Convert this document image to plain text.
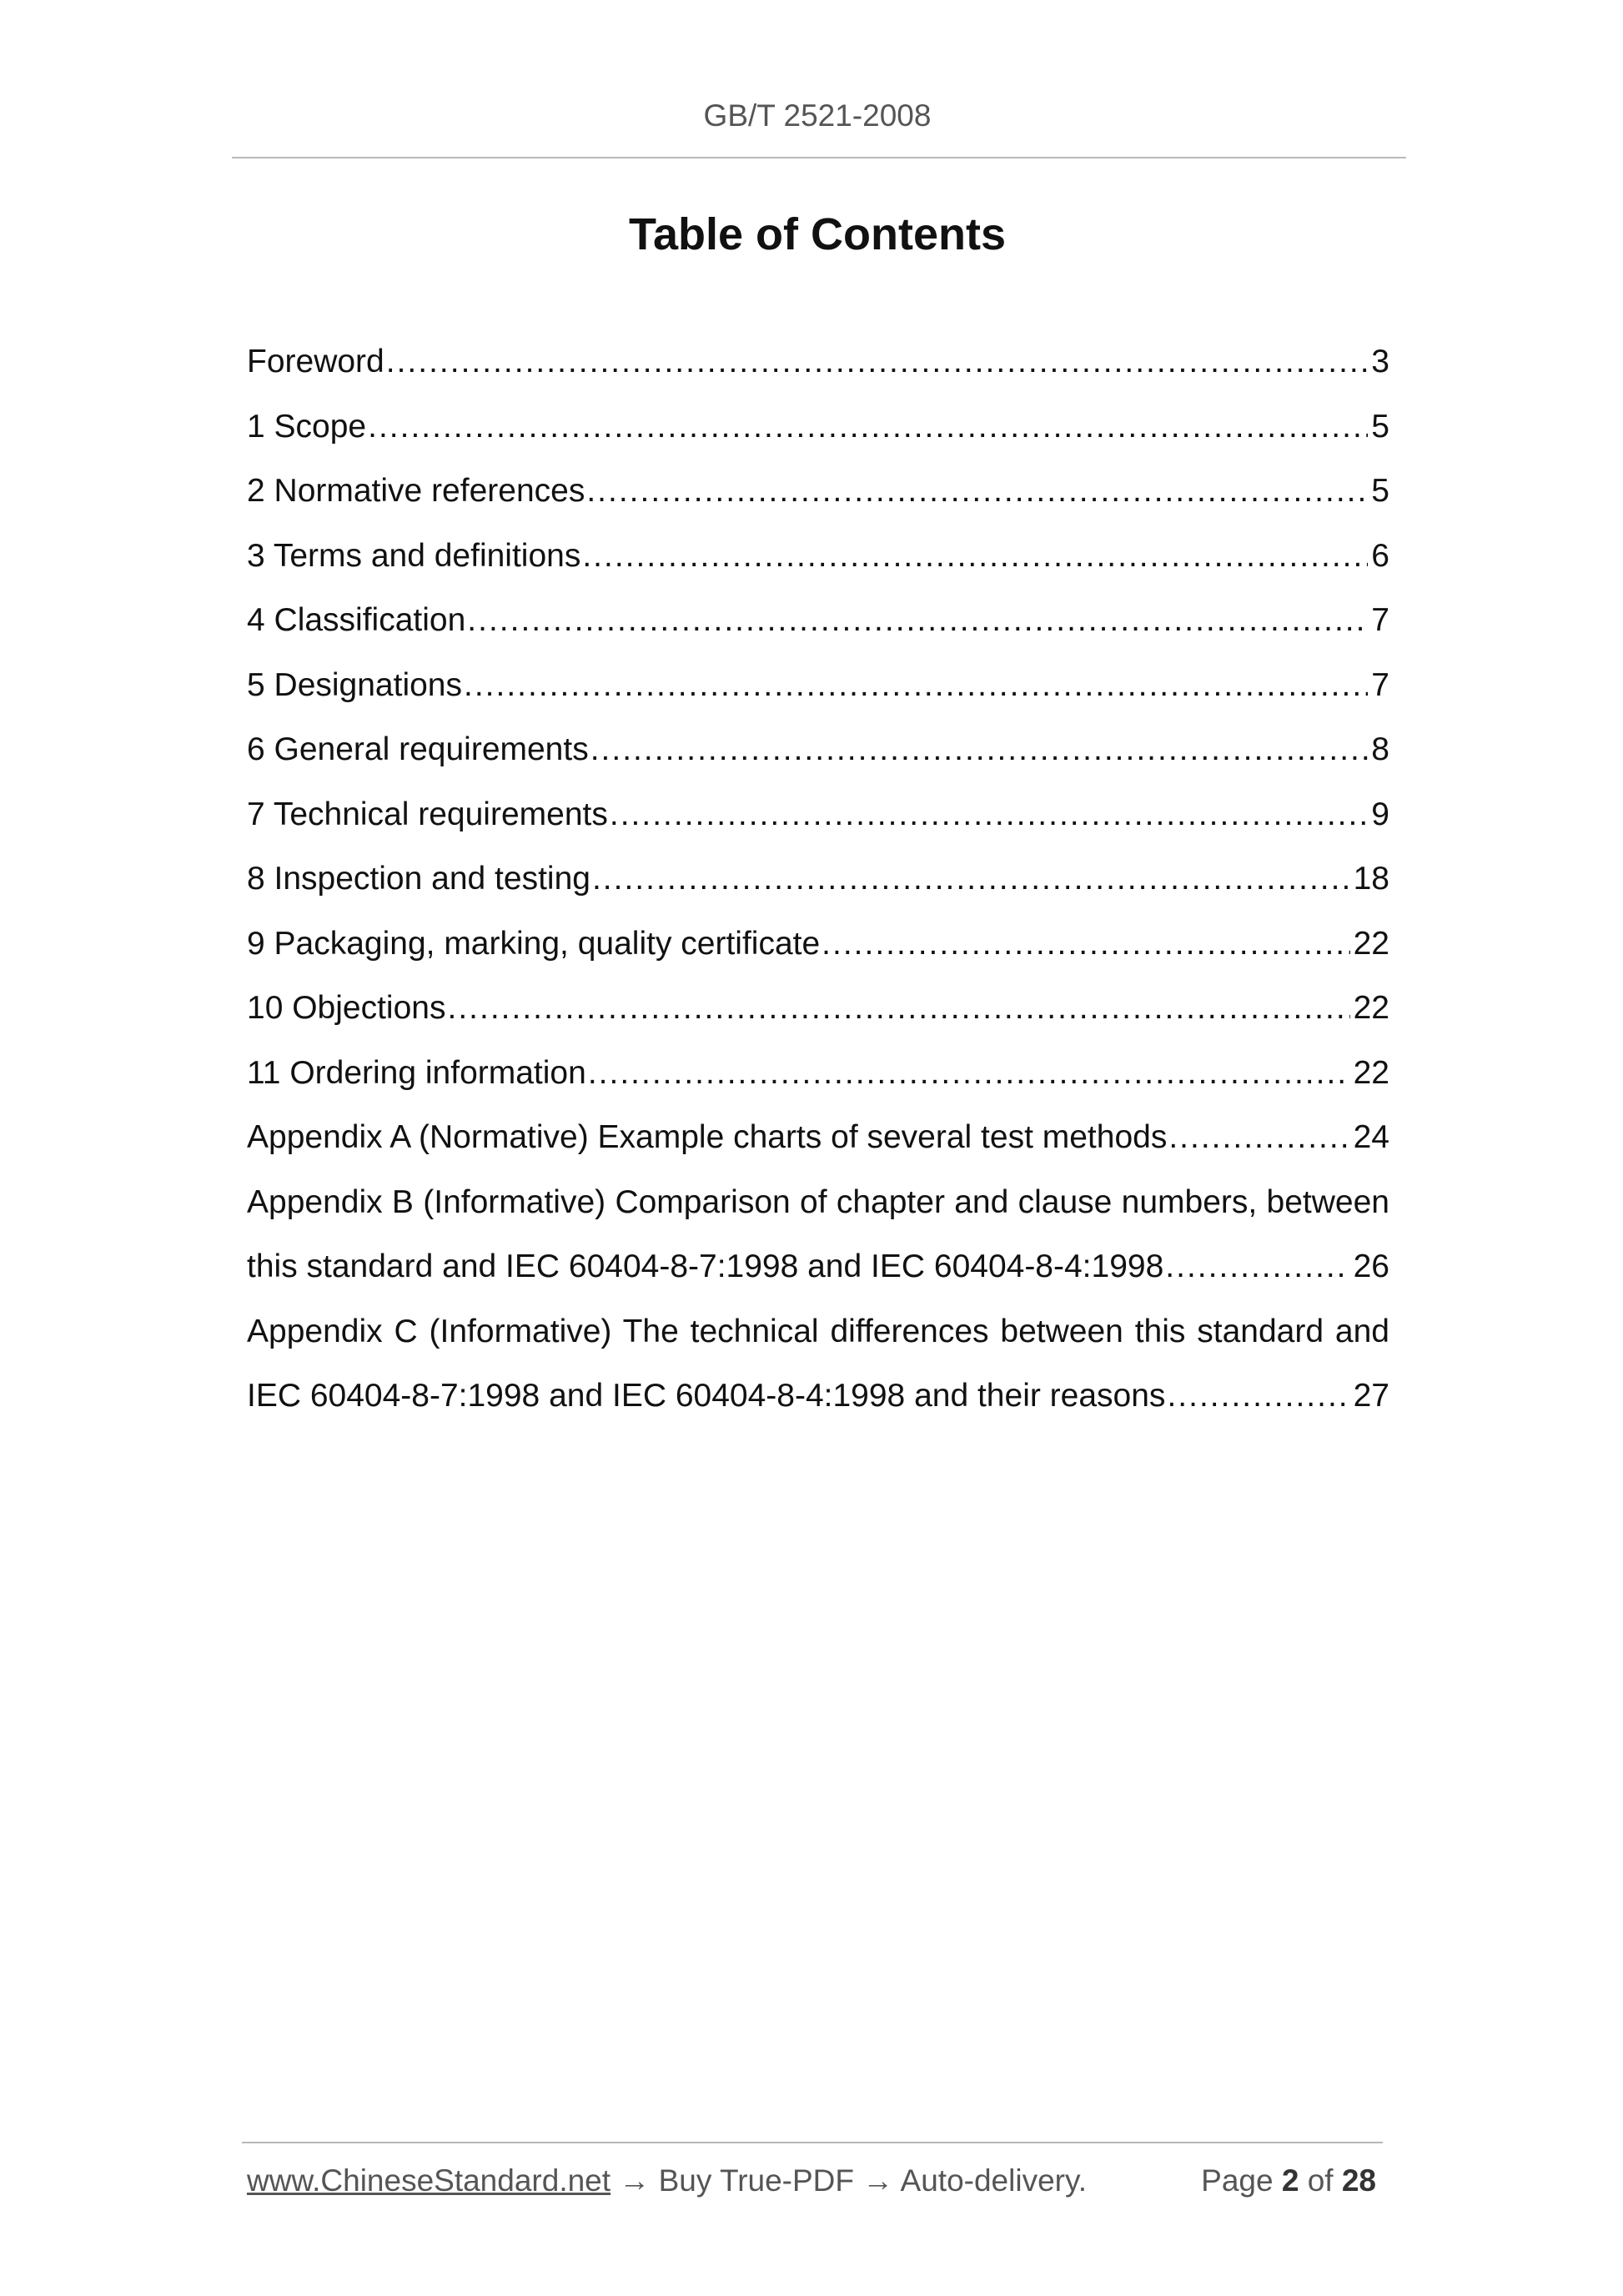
GB/T 2521-2008
Table of Contents
Foreword .....	3
1 Scope .....	5
2 Normative references .....	5
3 Terms and definitions .....	6
4 Classification .....	7
5 Designations .....	7
6 General requirements .....	8
7 Technical requirements .....	9
8 Inspection and testing .....	18
9 Packaging, marking, quality certificate .....	22
10 Objections .....	22
11 Ordering information .....	22
Appendix A (Normative) Example charts of several test methods .....	24
Appendix B (Informative) Comparison of chapter and clause numbers, between
this standard and IEC 60404-8-7:1998 and IEC 60404-8-4:1998 .....	26
Appendix C (Informative) The technical differences between this standard and
IEC 60404-8-7:1998 and IEC 60404-8-4:1998 and their reasons .....	27
www.ChineseStandard.net → Buy True-PDF → Auto-delivery.	Page 2 of 28
